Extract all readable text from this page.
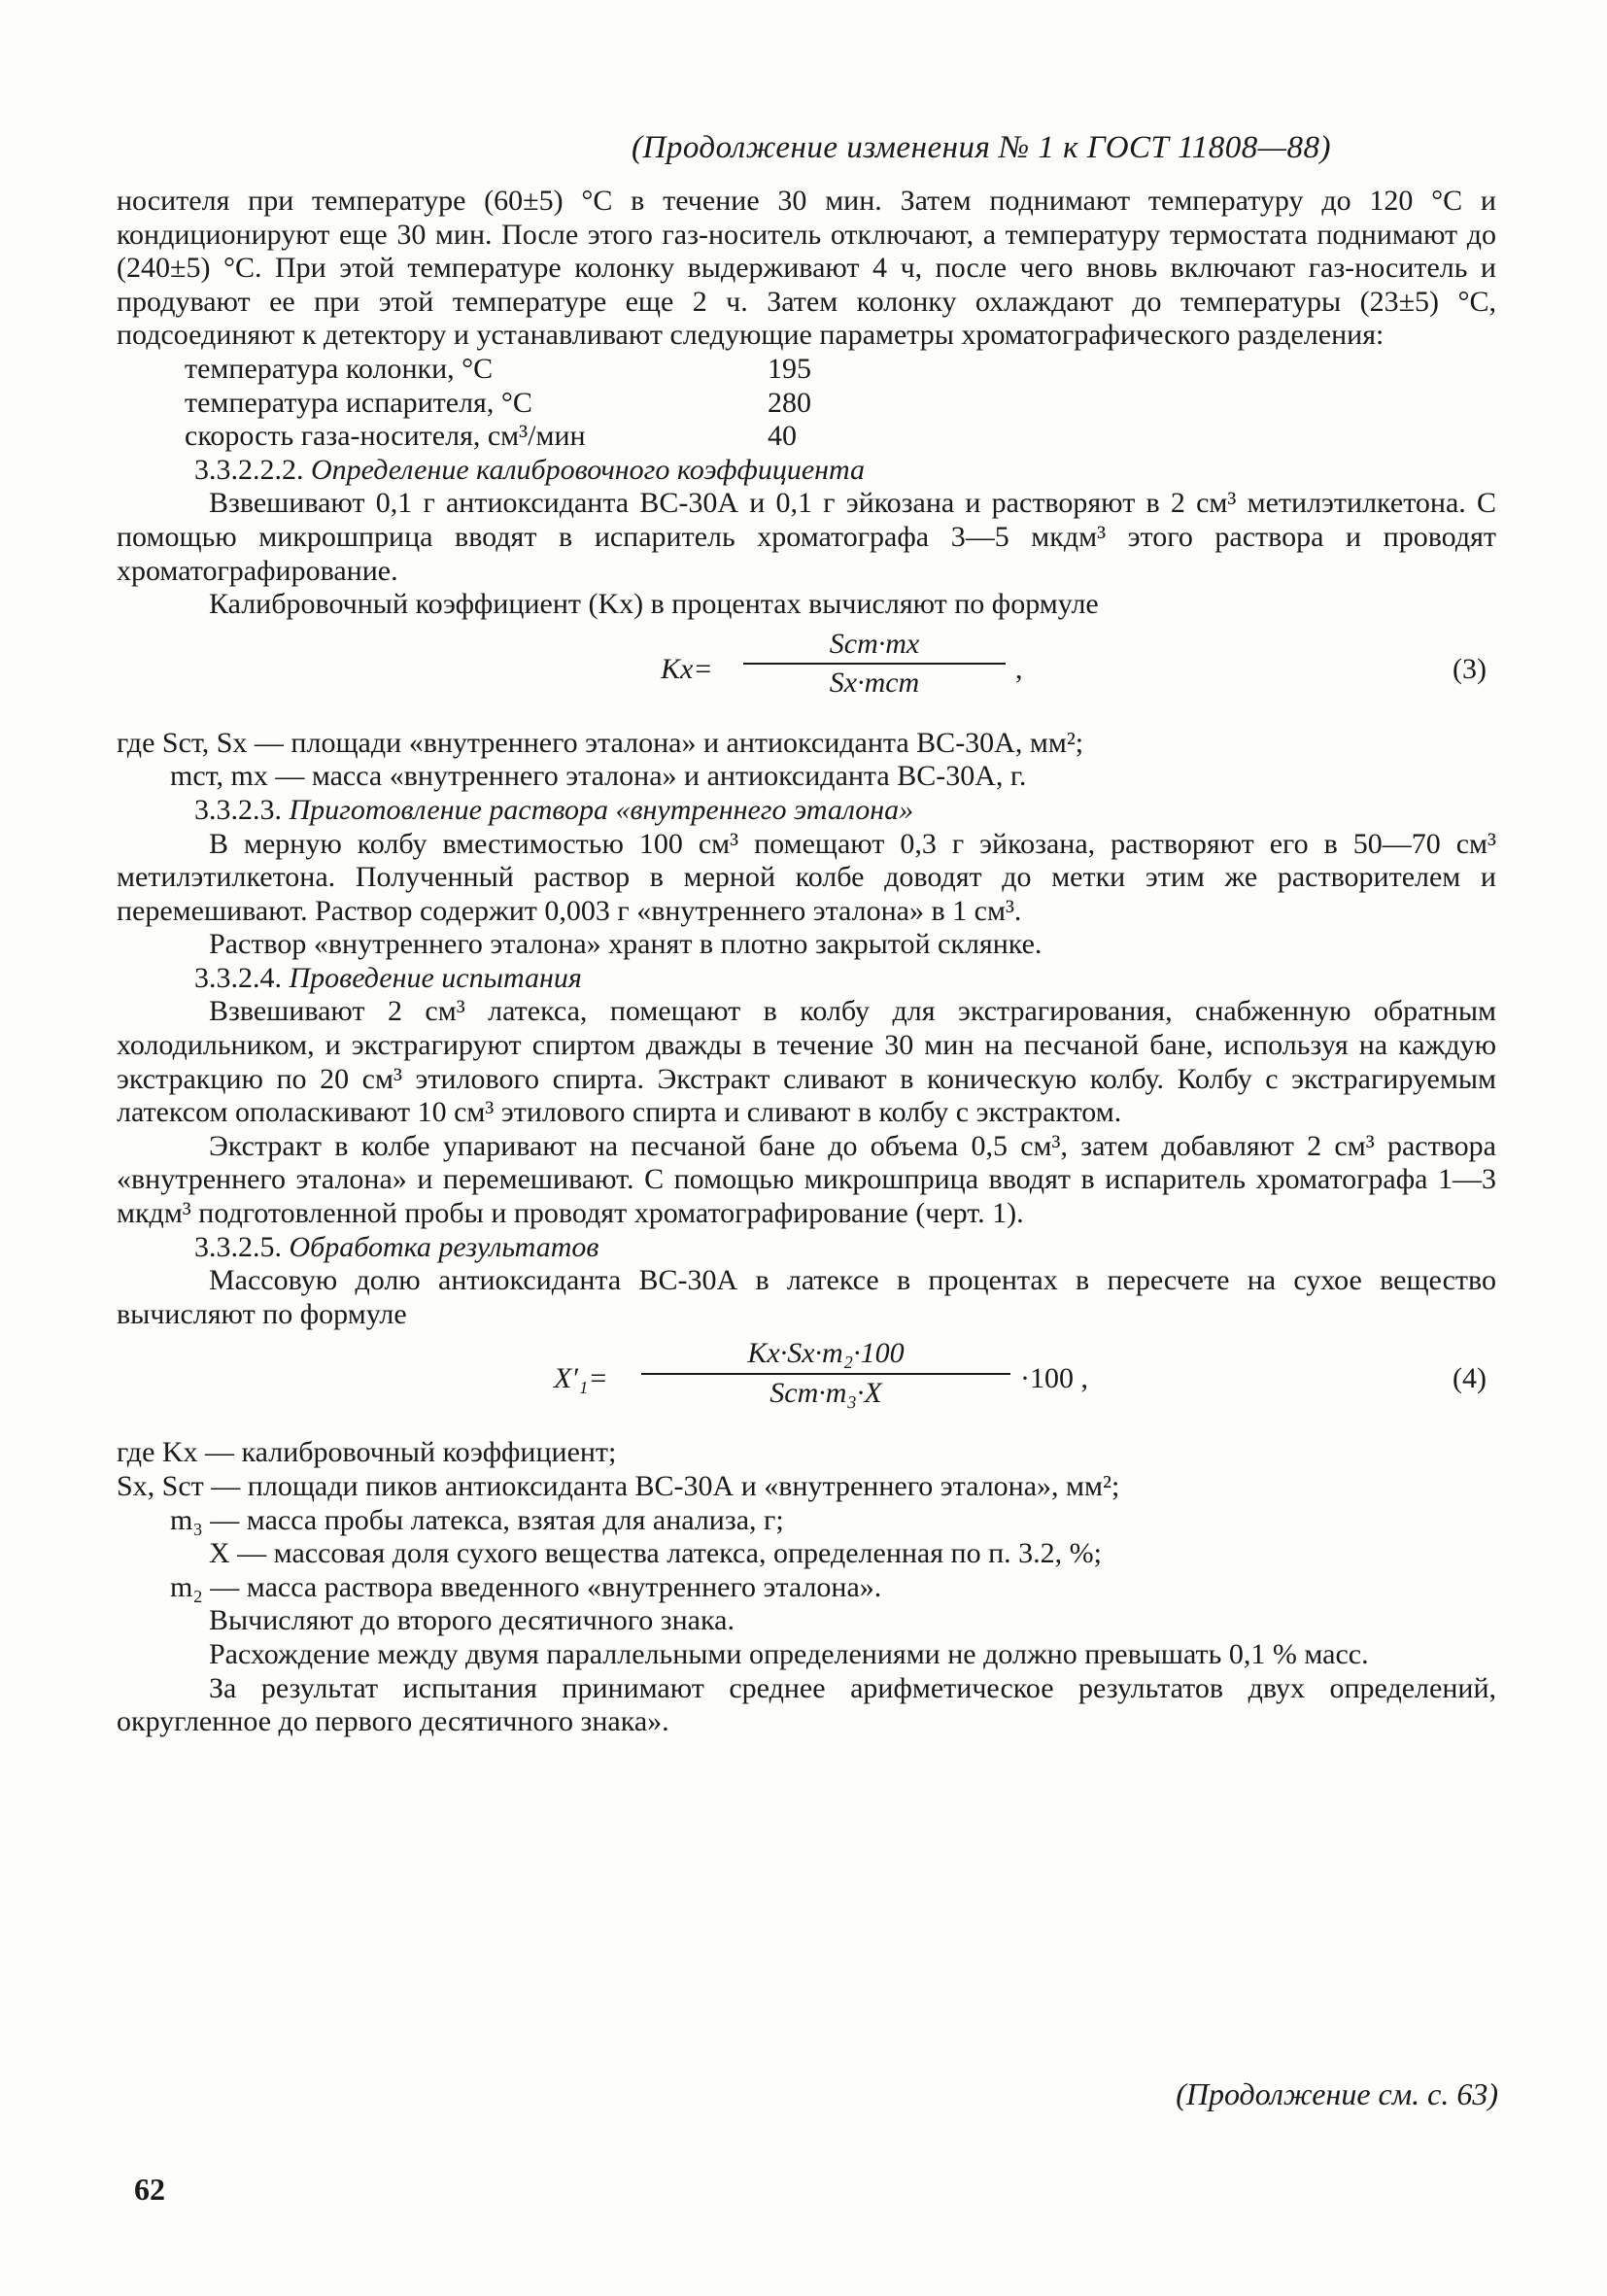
(Продолжение изменения № 1 к ГОСТ 11808—88)

носителя при температуре (60±5) °С в течение 30 мин. Затем поднимают температуру до 120 °С и кондиционируют еще 30 мин. После этого газ-носитель отключают, а температуру термостата поднимают до (240±5) °С. При этой температуре колонку выдерживают 4 ч, после чего вновь включают газ-носитель и продувают ее при этой температуре еще 2 ч. Затем колонку охлаждают до температуры (23±5) °С, подсоединяют к детектору и устанавливают следующие параметры хроматографического разделения:

температура колонки, °С	195
температура испарителя, °С	280
скорость газа-носителя, см³/мин	40
3.3.2.2.2. Определение калибровочного коэффициента

Взвешивают 0,1 г антиоксиданта ВС-30А и 0,1 г эйкозана и растворяют в 2 см³ метилэтилкетона. С помощью микрошприца вводят в испаритель хроматографа 3—5 мкдм³ этого раствора и проводят хроматографирование.

Калибровочный коэффициент (Kx) в процентах вычисляют по формуле

Kx=
Sст·mx
Sx·mст	,	(3)

где Sст, Sx — площади «внутреннего эталона» и антиоксиданта ВС-30А, мм²;

mст, mx — масса «внутреннего эталона» и антиоксиданта ВС-30А, г.

3.3.2.3. Приготовление раствора «внутреннего эталона»

В мерную колбу вместимостью 100 см³ помещают 0,3 г эйкозана, растворяют его в 50—70 см³ метилэтилкетона. Полученный раствор в мерной колбе доводят до метки этим же растворителем и перемешивают. Раствор содержит 0,003 г «внутреннего эталона» в 1 см³.

Раствор «внутреннего эталона» хранят в плотно закрытой склянке.

3.3.2.4. Проведение испытания

Взвешивают 2 см³ латекса, помещают в колбу для экстрагирования, снабженную обратным холодильником, и экстрагируют спиртом дважды в течение 30 мин на песчаной бане, используя на каждую экстракцию по 20 см³ этилового спирта. Экстракт сливают в коническую колбу. Колбу с экстрагируемым латексом ополаскивают 10 см³ этилового спирта и сливают в колбу с экстрактом.

Экстракт в колбе упаривают на песчаной бане до объема 0,5 см³, затем добавляют 2 см³ раствора «внутреннего эталона» и перемешивают. С помощью микрошприца вводят в испаритель хроматографа 1—3 мкдм³ подготовленной пробы и проводят хроматографирование (черт. 1).

3.3.2.5. Обработка результатов

Массовую долю антиоксиданта ВС-30А в латексе в процентах в пересчете на сухое вещество вычисляют по формуле

X′₁=
Kx·Sx·m₂·100
Sст·m₃·X	·100 ,	(4)

где Kx — калибровочный коэффициент;

Sx, Sст — площади пиков антиоксиданта ВС-30А и «внутреннего эталона», мм²;

m₃ — масса пробы латекса, взятая для анализа, г;

X — массовая доля сухого вещества латекса, определенная по п. 3.2, %;

m₂ — масса раствора введенного «внутреннего эталона».

Вычисляют до второго десятичного знака.

Расхождение между двумя параллельными определениями не должно превышать 0,1 % масс.

За результат испытания принимают среднее арифметическое результатов двух определений, округленное до первого десятичного знака».

(Продолжение см. с. 63)
62
